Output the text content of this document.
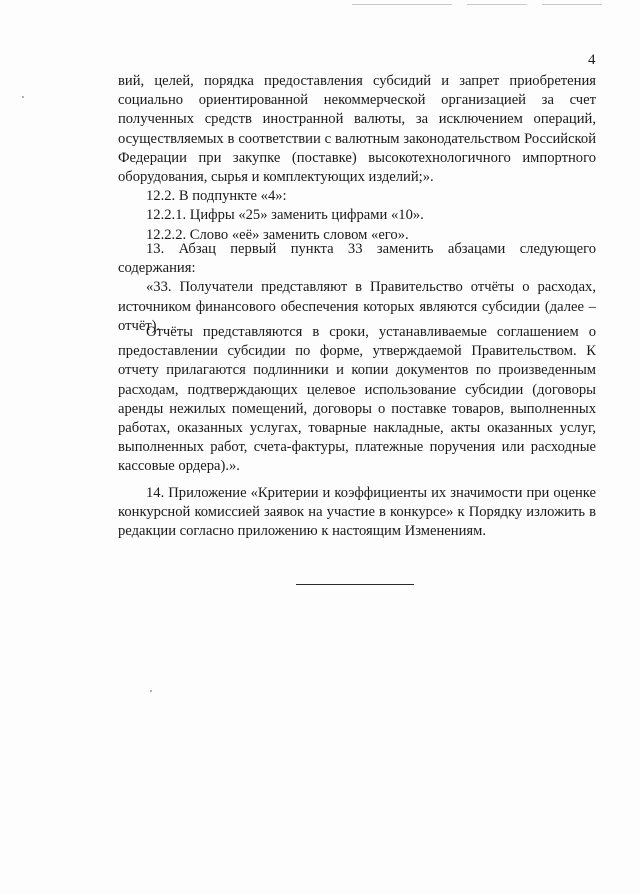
4

вий, целей, порядка предоставления субсидий и запрет приобретения социально ориентированной некоммерческой организацией за счет полученных средств иностранной валюты, за исключением операций, осуществляемых в соответствии с валютным законодательством Российской Федерации при закупке (поставке) высокотехнологичного импортного оборудования, сырья и комплектующих изделий;».

12.2. В подпункте «4»:

12.2.1. Цифры «25» заменить цифрами «10».

12.2.2. Слово «её» заменить словом «его».

13. Абзац первый пункта 33 заменить абзацами следующего содержания:

«33. Получатели представляют в Правительство отчёты о расходах, источником финансового обеспечения которых являются субсидии (далее – отчёт).

Отчёты представляются в сроки, устанавливаемые соглашением о предоставлении субсидии по форме, утверждаемой Правительством. К отчету прилагаются подлинники и копии документов по произведенным расходам, подтверждающих целевое использование субсидии (договоры аренды нежилых помещений, договоры о поставке товаров, выполненных работах, оказанных услугах, товарные накладные, акты оказанных услуг, выполненных работ, счета-фактуры, платежные поручения или расходные кассовые ордера).».

14. Приложение «Критерии и коэффициенты их значимости при оценке конкурсной комиссией заявок на участие в конкурсе» к Порядку изложить в редакции согласно приложению к настоящим Изменениям.
